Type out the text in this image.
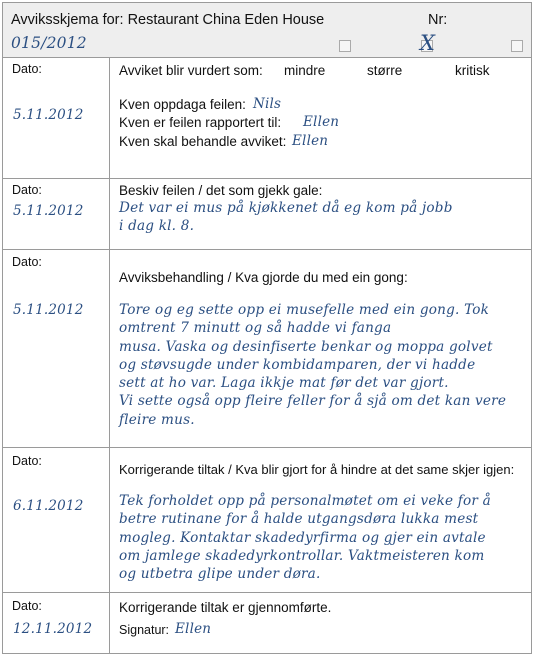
Avviksskjema for: Restaurant China Eden House	Nr:
015/2012	X
Dato:
5.11.2012
Avviket blir vurdert som: mindre	større	kritisk
Kven oppdaga feilen: Nils
Kven er feilen rapportert til: Ellen
Kven skal behandle avviket: Ellen
Dato:
5.11.2012
Beskiv feilen / det som gjekk gale:
Det var ei mus på kjøkkenet då eg kom på jobb
i dag kl. 8.
Dato:
5.11.2012
Avviksbehandling / Kva gjorde du med ein gong:
Tore og eg sette opp ei musefelle med ein gong. Tok
omtrent 7 minutt og så hadde vi fanga
musa. Vaska og desinfiserte benkar og moppa golvet
og støvsugde under kombidamparen, der vi hadde
sett at ho var. Laga ikkje mat før det var gjort.
Vi sette også opp fleire feller for å sjå om det kan vere
fleire mus.
Dato:
6.11.2012
Korrigerande tiltak / Kva blir gjort for å hindre at det same skjer igjen:
Tek forholdet opp på personalmøtet om ei veke for å
betre rutinane for å halde utgangsdøra lukka mest
mogleg. Kontaktar skadedyrfirma og gjer ein avtale
om jamlege skadedyrkontrollar. Vaktmeisteren kom
og utbetra glipe under døra.
Dato:
12.11.2012
Korrigerande tiltak er gjennomførte.
Signatur: Ellen
